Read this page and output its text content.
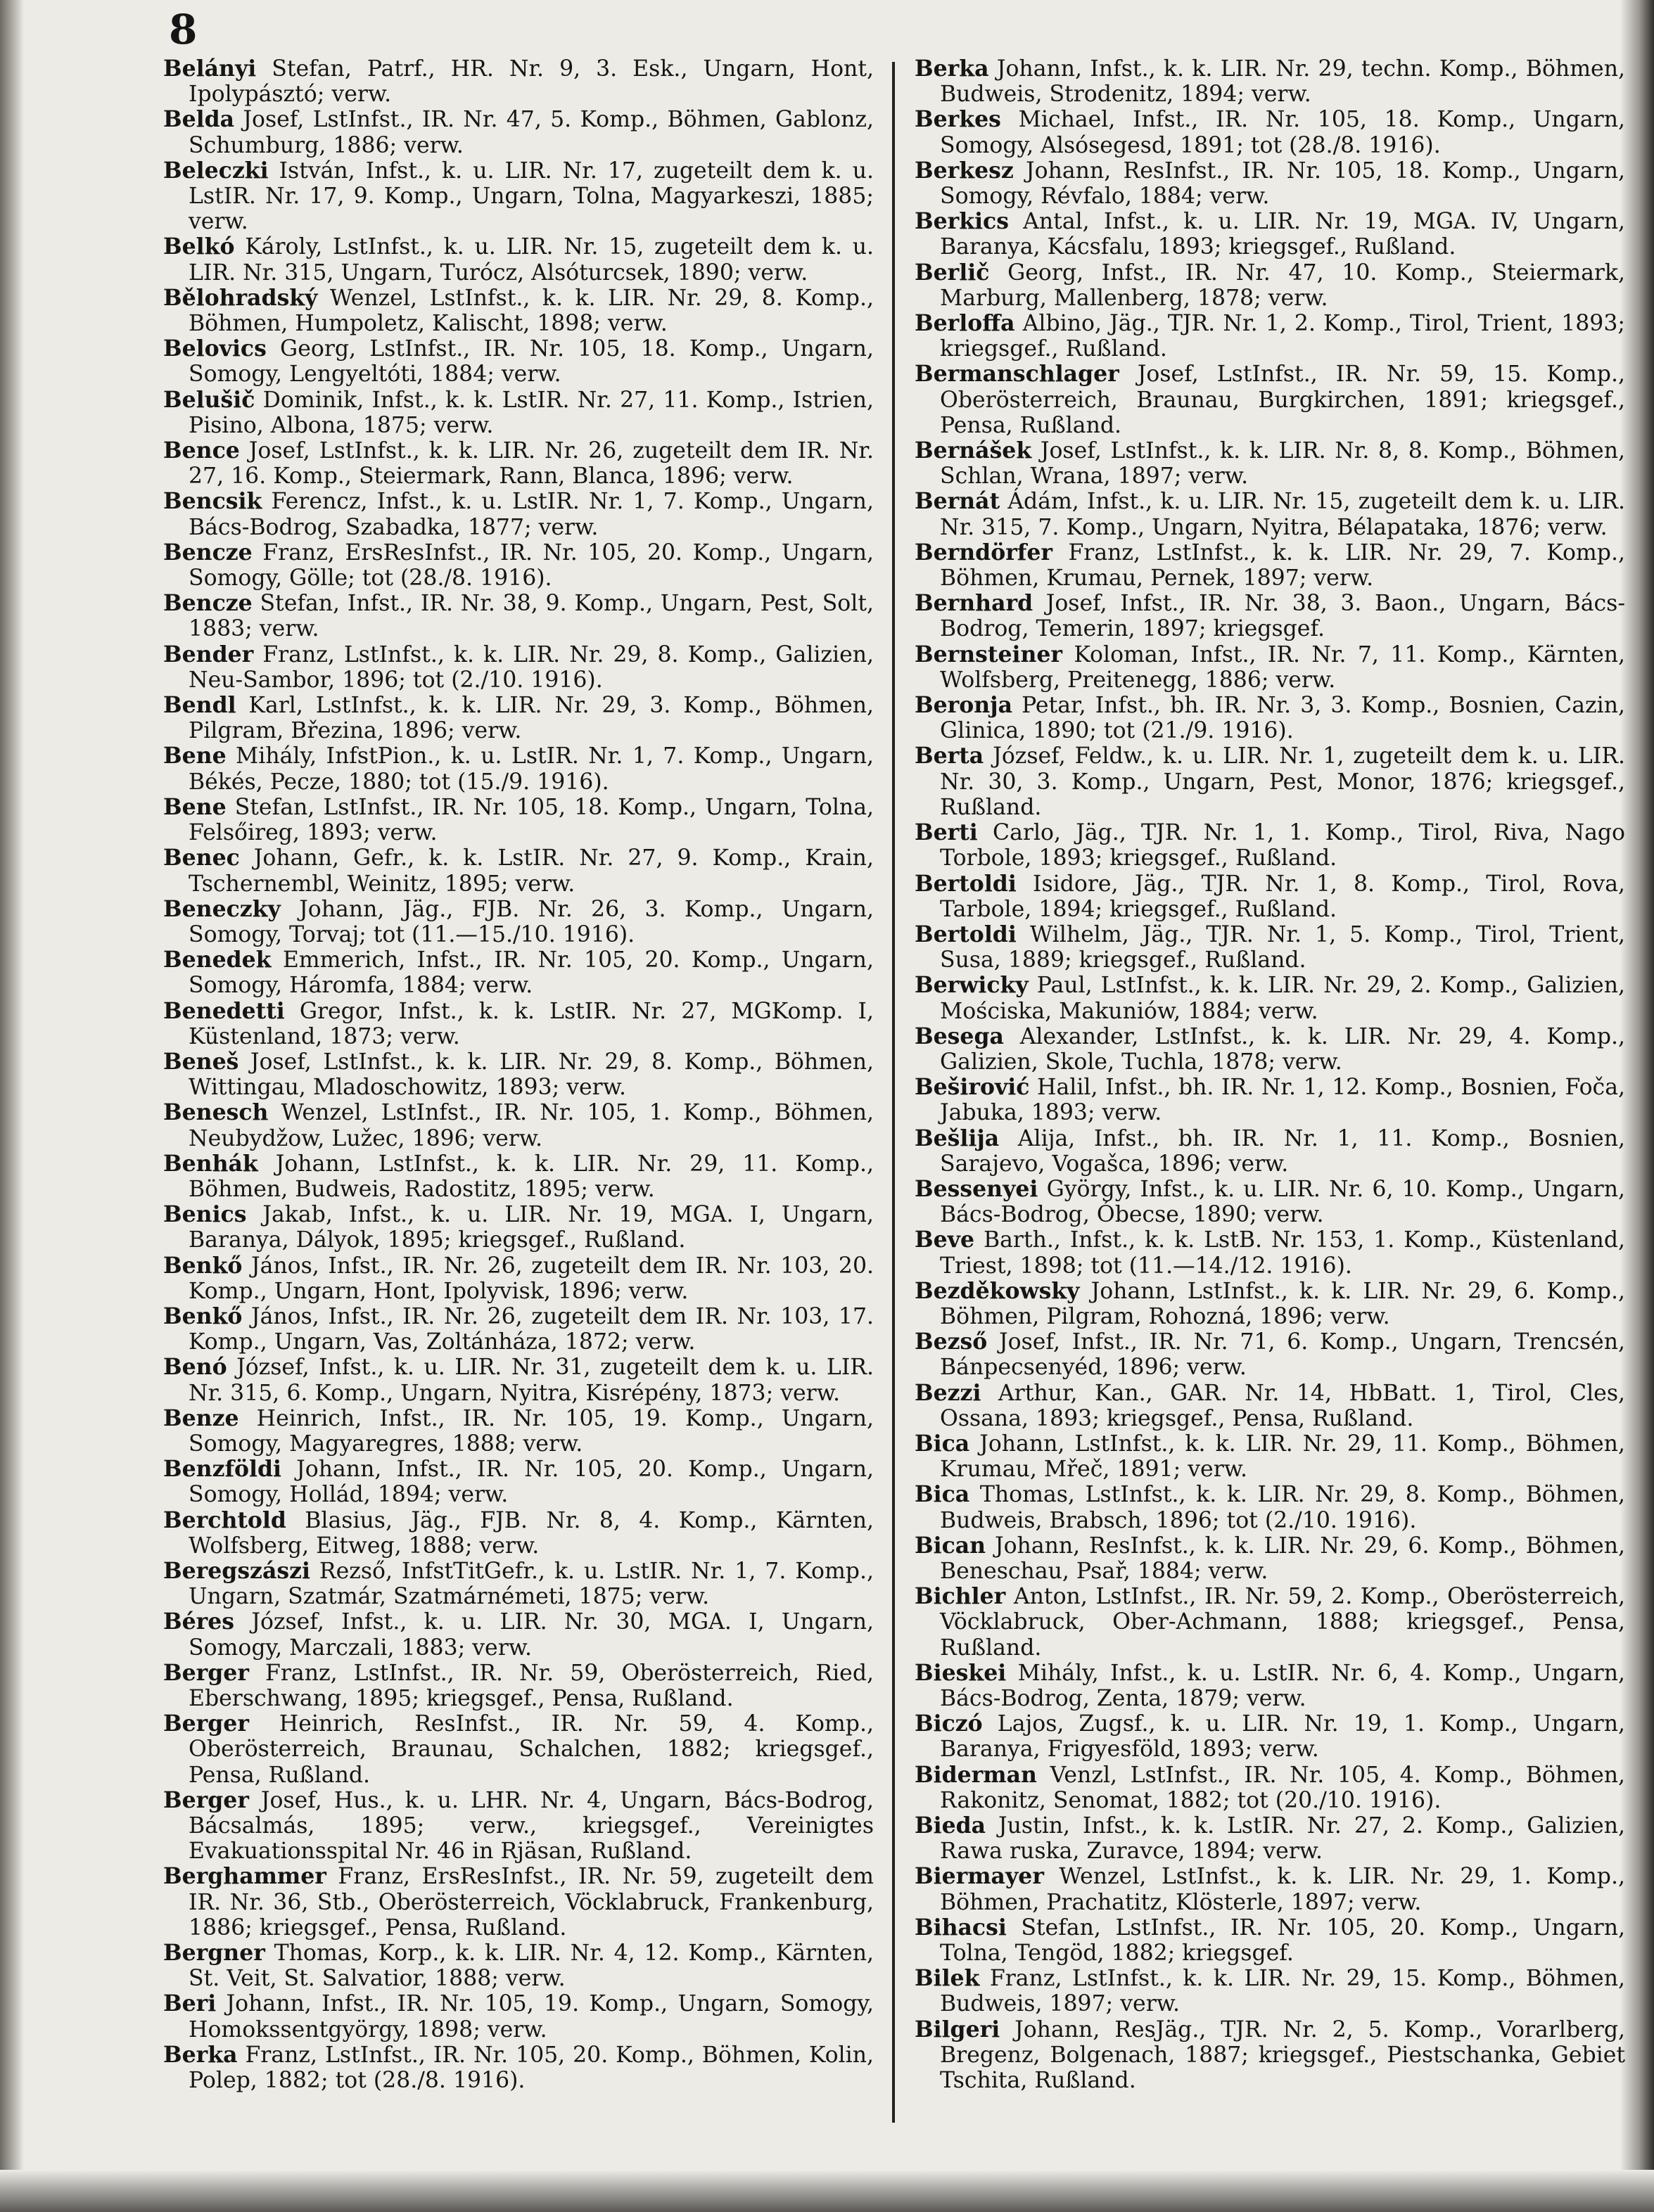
8

Belányi Stefan, Patrf., HR. Nr. 9, 3. Esk., Ungarn, Hont, Ipolypásztó; verw.

Belda Josef, LstInfst., IR. Nr. 47, 5. Komp., Böhmen, Gablonz, Schumburg, 1886; verw.

Beleczki István, Infst., k. u. LIR. Nr. 17, zugeteilt dem k. u. LstIR. Nr. 17, 9. Komp., Ungarn, Tolna, Magyarkeszi, 1885; verw.

Belkó Károly, LstInfst., k. u. LIR. Nr. 15, zugeteilt dem k. u. LIR. Nr. 315, Ungarn, Turócz, Alsóturcsek, 1890; verw.

Bělohradský Wenzel, LstInfst., k. k. LIR. Nr. 29, 8. Komp., Böhmen, Humpoletz, Kalischt, 1898; verw.

Belovics Georg, LstInfst., IR. Nr. 105, 18. Komp., Ungarn, Somogy, Lengyeltóti, 1884; verw.

Belušič Dominik, Infst., k. k. LstIR. Nr. 27, 11. Komp., Istrien, Pisino, Albona, 1875; verw.

Bence Josef, LstInfst., k. k. LIR. Nr. 26, zugeteilt dem IR. Nr. 27, 16. Komp., Steiermark, Rann, Blanca, 1896; verw.

Bencsik Ferencz, Infst., k. u. LstIR. Nr. 1, 7. Komp., Ungarn, Bács-Bodrog, Szabadka, 1877; verw.

Bencze Franz, ErsResInfst., IR. Nr. 105, 20. Komp., Ungarn, Somogy, Gölle; tot (28./8. 1916).

Bencze Stefan, Infst., IR. Nr. 38, 9. Komp., Ungarn, Pest, Solt, 1883; verw.

Bender Franz, LstInfst., k. k. LIR. Nr. 29, 8. Komp., Galizien, Neu-Sambor, 1896; tot (2./10. 1916).

Bendl Karl, LstInfst., k. k. LIR. Nr. 29, 3. Komp., Böhmen, Pilgram, Březina, 1896; verw.

Bene Mihály, InfstPion., k. u. LstIR. Nr. 1, 7. Komp., Ungarn, Békés, Pecze, 1880; tot (15./9. 1916).

Bene Stefan, LstInfst., IR. Nr. 105, 18. Komp., Ungarn, Tolna, Felsőireg, 1893; verw.

Benec Johann, Gefr., k. k. LstIR. Nr. 27, 9. Komp., Krain, Tschernembl, Weinitz, 1895; verw.

Beneczky Johann, Jäg., FJB. Nr. 26, 3. Komp., Ungarn, Somogy, Torvaj; tot (11.—15./10. 1916).

Benedek Emmerich, Infst., IR. Nr. 105, 20. Komp., Ungarn, Somogy, Háromfa, 1884; verw.

Benedetti Gregor, Infst., k. k. LstIR. Nr. 27, MGKomp. I, Küstenland, 1873; verw.

Beneš Josef, LstInfst., k. k. LIR. Nr. 29, 8. Komp., Böhmen, Wittingau, Mladoschowitz, 1893; verw.

Benesch Wenzel, LstInfst., IR. Nr. 105, 1. Komp., Böhmen, Neubydžow, Lužec, 1896; verw.

Benhák Johann, LstInfst., k. k. LIR. Nr. 29, 11. Komp., Böhmen, Budweis, Radostitz, 1895; verw.

Benics Jakab, Infst., k. u. LIR. Nr. 19, MGA. I, Ungarn, Baranya, Dályok, 1895; kriegsgef., Rußland.

Benkő János, Infst., IR. Nr. 26, zugeteilt dem IR. Nr. 103, 20. Komp., Ungarn, Hont, Ipolyvisk, 1896; verw.

Benkő János, Infst., IR. Nr. 26, zugeteilt dem IR. Nr. 103, 17. Komp., Ungarn, Vas, Zoltánháza, 1872; verw.

Benó József, Infst., k. u. LIR. Nr. 31, zugeteilt dem k. u. LIR. Nr. 315, 6. Komp., Ungarn, Nyitra, Kisrépény, 1873; verw.

Benze Heinrich, Infst., IR. Nr. 105, 19. Komp., Ungarn, Somogy, Magyaregres, 1888; verw.

Benzföldi Johann, Infst., IR. Nr. 105, 20. Komp., Ungarn, Somogy, Hollád, 1894; verw.

Berchtold Blasius, Jäg., FJB. Nr. 8, 4. Komp., Kärnten, Wolfsberg, Eitweg, 1888; verw.

Beregszászi Rezső, InfstTitGefr., k. u. LstIR. Nr. 1, 7. Komp., Ungarn, Szatmár, Szatmárnémeti, 1875; verw.

Béres József, Infst., k. u. LIR. Nr. 30, MGA. I, Ungarn, Somogy, Marczali, 1883; verw.

Berger Franz, LstInfst., IR. Nr. 59, Oberösterreich, Ried, Eberschwang, 1895; kriegsgef., Pensa, Rußland.

Berger Heinrich, ResInfst., IR. Nr. 59, 4. Komp., Oberösterreich, Braunau, Schalchen, 1882; kriegsgef., Pensa, Rußland.

Berger Josef, Hus., k. u. LHR. Nr. 4, Ungarn, Bács-Bodrog, Bácsalmás, 1895; verw., kriegsgef., Vereinigtes Evakuationsspital Nr. 46 in Rjäsan, Rußland.

Berghammer Franz, ErsResInfst., IR. Nr. 59, zugeteilt dem IR. Nr. 36, Stb., Oberösterreich, Vöcklabruck, Frankenburg, 1886; kriegsgef., Pensa, Rußland.

Bergner Thomas, Korp., k. k. LIR. Nr. 4, 12. Komp., Kärnten, St. Veit, St. Salvatior, 1888; verw.

Beri Johann, Infst., IR. Nr. 105, 19. Komp., Ungarn, Somogy, Homokssentgyörgy, 1898; verw.

Berka Franz, LstInfst., IR. Nr. 105, 20. Komp., Böhmen, Kolin, Polep, 1882; tot (28./8. 1916).

Berka Johann, Infst., k. k. LIR. Nr. 29, techn. Komp., Böhmen, Budweis, Strodenitz, 1894; verw.

Berkes Michael, Infst., IR. Nr. 105, 18. Komp., Ungarn, Somogy, Alsósegesd, 1891; tot (28./8. 1916).

Berkesz Johann, ResInfst., IR. Nr. 105, 18. Komp., Ungarn, Somogy, Révfalo, 1884; verw.

Berkics Antal, Infst., k. u. LIR. Nr. 19, MGA. IV, Ungarn, Baranya, Kácsfalu, 1893; kriegsgef., Rußland.

Berlič Georg, Infst., IR. Nr. 47, 10. Komp., Steiermark, Marburg, Mallenberg, 1878; verw.

Berloffa Albino, Jäg., TJR. Nr. 1, 2. Komp., Tirol, Trient, 1893; kriegsgef., Rußland.

Bermanschlager Josef, LstInfst., IR. Nr. 59, 15. Komp., Oberösterreich, Braunau, Burgkirchen, 1891; kriegsgef., Pensa, Rußland.

Bernášek Josef, LstInfst., k. k. LIR. Nr. 8, 8. Komp., Böhmen, Schlan, Wrana, 1897; verw.

Bernát Ádám, Infst., k. u. LIR. Nr. 15, zugeteilt dem k. u. LIR. Nr. 315, 7. Komp., Ungarn, Nyitra, Bélapataka, 1876; verw.

Berndörfer Franz, LstInfst., k. k. LIR. Nr. 29, 7. Komp., Böhmen, Krumau, Pernek, 1897; verw.

Bernhard Josef, Infst., IR. Nr. 38, 3. Baon., Ungarn, Bács-Bodrog, Temerin, 1897; kriegsgef.

Bernsteiner Koloman, Infst., IR. Nr. 7, 11. Komp., Kärnten, Wolfsberg, Preitenegg, 1886; verw.

Beronja Petar, Infst., bh. IR. Nr. 3, 3. Komp., Bosnien, Cazin, Glinica, 1890; tot (21./9. 1916).

Berta József, Feldw., k. u. LIR. Nr. 1, zugeteilt dem k. u. LIR. Nr. 30, 3. Komp., Ungarn, Pest, Monor, 1876; kriegsgef., Rußland.

Berti Carlo, Jäg., TJR. Nr. 1, 1. Komp., Tirol, Riva, Nago Torbole, 1893; kriegsgef., Rußland.

Bertoldi Isidore, Jäg., TJR. Nr. 1, 8. Komp., Tirol, Rova, Tarbole, 1894; kriegsgef., Rußland.

Bertoldi Wilhelm, Jäg., TJR. Nr. 1, 5. Komp., Tirol, Trient, Susa, 1889; kriegsgef., Rußland.

Berwicky Paul, LstInfst., k. k. LIR. Nr. 29, 2. Komp., Galizien, Mościska, Makuniów, 1884; verw.

Besega Alexander, LstInfst., k. k. LIR. Nr. 29, 4. Komp., Galizien, Skole, Tuchla, 1878; verw.

Beširović Halil, Infst., bh. IR. Nr. 1, 12. Komp., Bosnien, Foča, Jabuka, 1893; verw.

Bešlija Alija, Infst., bh. IR. Nr. 1, 11. Komp., Bosnien, Sarajevo, Vogašca, 1896; verw.

Bessenyei György, Infst., k. u. LIR. Nr. 6, 10. Komp., Ungarn, Bács-Bodrog, Óbecse, 1890; verw.

Beve Barth., Infst., k. k. LstB. Nr. 153, 1. Komp., Küstenland, Triest, 1898; tot (11.—14./12. 1916).

Bezděkowsky Johann, LstInfst., k. k. LIR. Nr. 29, 6. Komp., Böhmen, Pilgram, Rohozná, 1896; verw.

Bezső Josef, Infst., IR. Nr. 71, 6. Komp., Ungarn, Trencsén, Bánpecsenyéd, 1896; verw.

Bezzi Arthur, Kan., GAR. Nr. 14, HbBatt. 1, Tirol, Cles, Ossana, 1893; kriegsgef., Pensa, Rußland.

Bica Johann, LstInfst., k. k. LIR. Nr. 29, 11. Komp., Böhmen, Krumau, Mřeč, 1891; verw.

Bica Thomas, LstInfst., k. k. LIR. Nr. 29, 8. Komp., Böhmen, Budweis, Brabsch, 1896; tot (2./10. 1916).

Bican Johann, ResInfst., k. k. LIR. Nr. 29, 6. Komp., Böhmen, Beneschau, Psař, 1884; verw.

Bichler Anton, LstInfst., IR. Nr. 59, 2. Komp., Oberösterreich, Vöcklabruck, Ober-Achmann, 1888; kriegsgef., Pensa, Rußland.

Bieskei Mihály, Infst., k. u. LstIR. Nr. 6, 4. Komp., Ungarn, Bács-Bodrog, Zenta, 1879; verw.

Biczó Lajos, Zugsf., k. u. LIR. Nr. 19, 1. Komp., Ungarn, Baranya, Frigyesföld, 1893; verw.

Biderman Venzl, LstInfst., IR. Nr. 105, 4. Komp., Böhmen, Rakonitz, Senomat, 1882; tot (20./10. 1916).

Bieda Justin, Infst., k. k. LstIR. Nr. 27, 2. Komp., Galizien, Rawa ruska, Zuravce, 1894; verw.

Biermayer Wenzel, LstInfst., k. k. LIR. Nr. 29, 1. Komp., Böhmen, Prachatitz, Klösterle, 1897; verw.

Bihacsi Stefan, LstInfst., IR. Nr. 105, 20. Komp., Ungarn, Tolna, Tengöd, 1882; kriegsgef.

Bilek Franz, LstInfst., k. k. LIR. Nr. 29, 15. Komp., Böhmen, Budweis, 1897; verw.

Bilgeri Johann, ResJäg., TJR. Nr. 2, 5. Komp., Vorarlberg, Bregenz, Bolgenach, 1887; kriegsgef., Piestschanka, Gebiet Tschita, Rußland.
